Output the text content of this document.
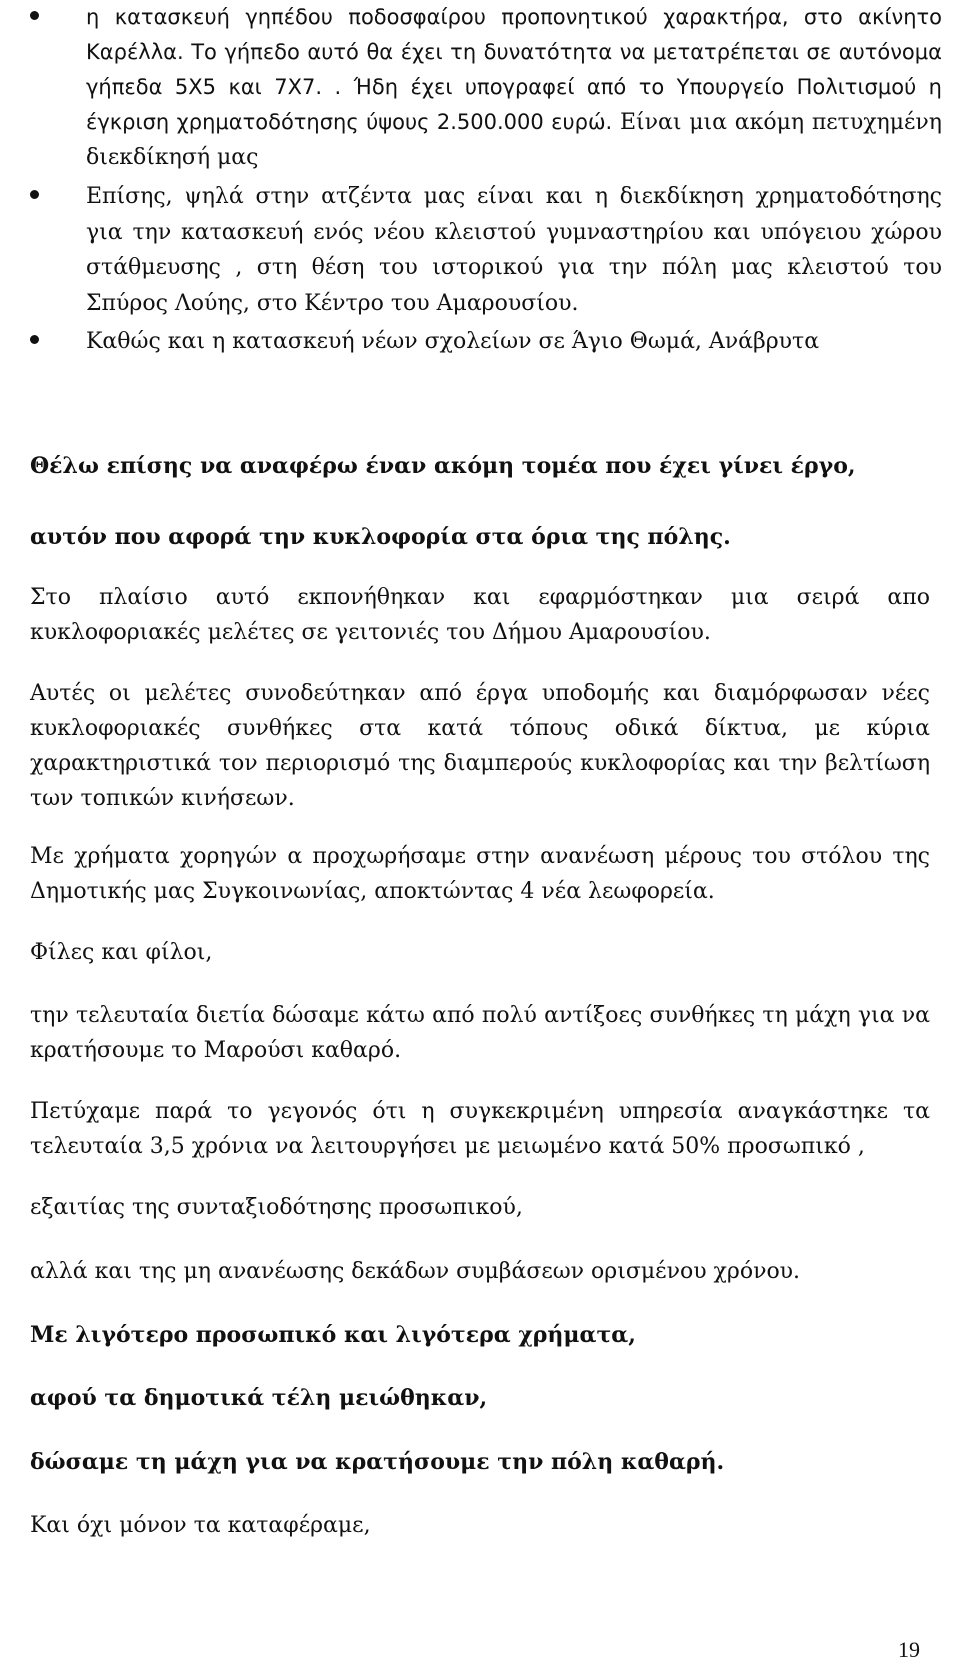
η κατασκευή γηπέδου ποδοσφαίρου προπονητικού χαρακτήρα, στο ακίνητο Καρέλλα. Το γήπεδο αυτό θα έχει τη δυνατότητα να μετατρέπεται σε αυτόνομα γήπεδα 5Χ5 και 7Χ7. . Ήδη έχει υπογραφεί από το Υπουργείο Πολιτισμού η έγκριση χρηματοδότησης ύψους 2.500.000 ευρώ. Είναι μια ακόμη πετυχημένη διεκδίκησή μας

Επίσης, ψηλά στην ατζέντα μας είναι και η διεκδίκηση χρηματοδότησης για την κατασκευή ενός νέου κλειστού γυμναστηρίου και υπόγειου χώρου στάθμευσης , στη θέση του ιστορικού για την πόλη μας κλειστού του Σπύρος Λούης, στο Κέντρο του Αμαρουσίου.

Καθώς και η κατασκευή νέων σχολείων σε Άγιο Θωμά, Ανάβρυτα

Θέλω επίσης να αναφέρω έναν ακόμη τομέα που έχει γίνει έργο,

αυτόν που αφορά την κυκλοφορία στα όρια της πόλης.

Στο πλαίσιο αυτό εκπονήθηκαν και εφαρμόστηκαν μια σειρά απο κυκλοφοριακές μελέτες σε γειτονιές του Δήμου Αμαρουσίου.

Αυτές οι μελέτες συνοδεύτηκαν από έργα υποδομής και διαμόρφωσαν νέες κυκλοφοριακές συνθήκες στα κατά τόπους οδικά δίκτυα, με κύρια χαρακτηριστικά τον περιορισμό της διαμπερούς κυκλοφορίας και την βελτίωση των τοπικών κινήσεων.

Με χρήματα χορηγών α προχωρήσαμε στην ανανέωση μέρους του στόλου της Δημοτικής μας Συγκοινωνίας, αποκτώντας 4 νέα λεωφορεία.

Φίλες και φίλοι,

την τελευταία διετία δώσαμε κάτω από πολύ αντίξοες συνθήκες τη μάχη για να κρατήσουμε το Μαρούσι καθαρό.

Πετύχαμε παρά το γεγονός ότι η συγκεκριμένη υπηρεσία αναγκάστηκε τα τελευταία 3,5 χρόνια να λειτουργήσει με μειωμένο κατά 50% προσωπικό ,

εξαιτίας της συνταξιοδότησης προσωπικού,

αλλά και της μη ανανέωσης δεκάδων συμβάσεων ορισμένου χρόνου.

Με λιγότερο προσωπικό και λιγότερα χρήματα,

αφού τα δημοτικά τέλη μειώθηκαν,

δώσαμε τη μάχη για να κρατήσουμε την πόλη καθαρή.

Και όχι μόνον τα καταφέραμε,

19
